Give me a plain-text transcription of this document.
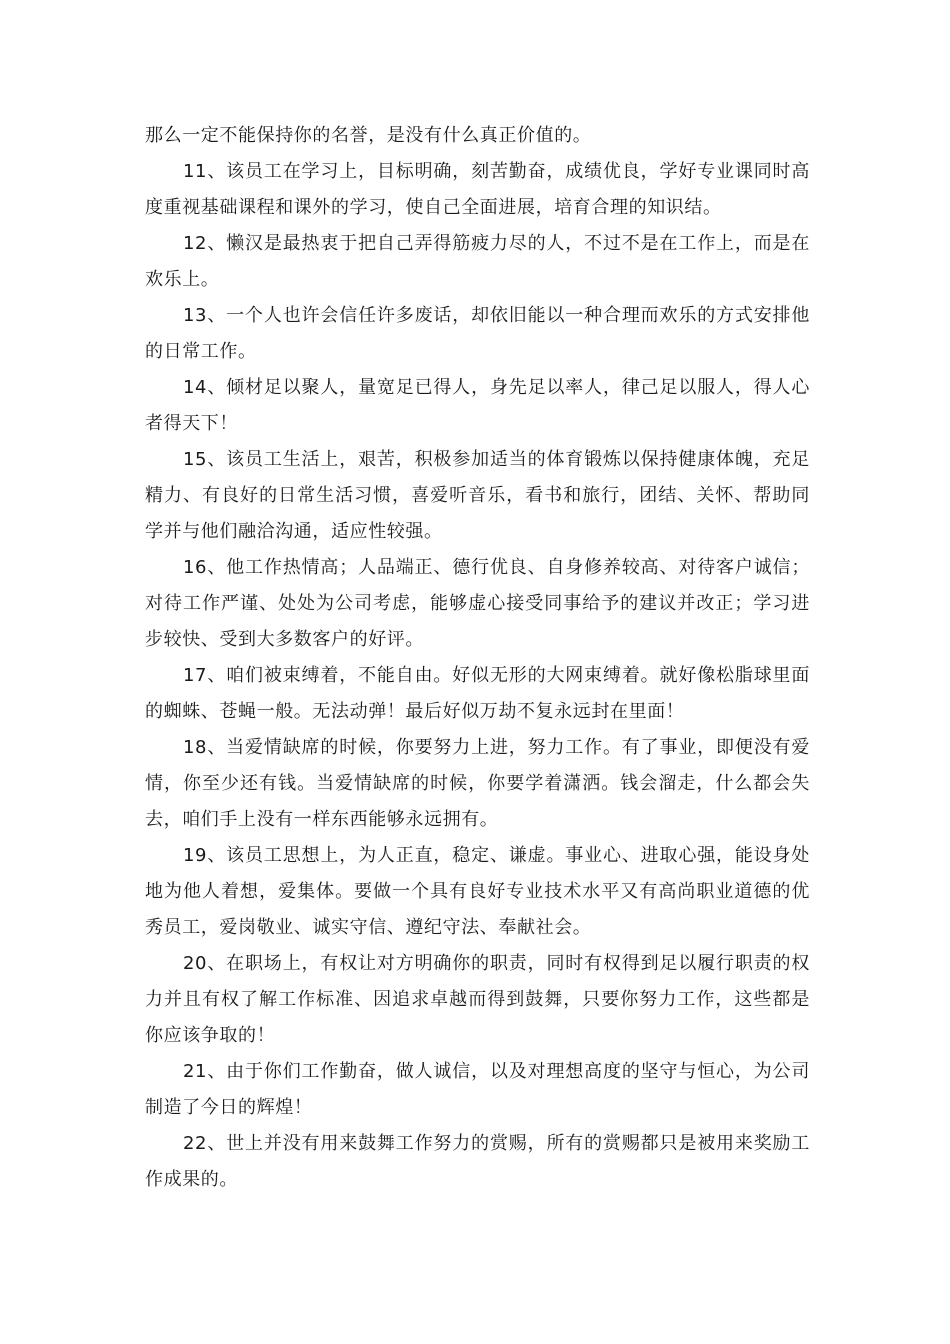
那么一定不能保持你的名誉，是没有什么真正价值的。

11、该员工在学习上，目标明确，刻苦勤奋，成绩优良，学好专业课同时高度重视基础课程和课外的学习，使自己全面进展，培育合理的知识结。

12、懒汉是最热衷于把自己弄得筋疲力尽的人，不过不是在工作上，而是在欢乐上。

13、一个人也许会信任许多废话，却依旧能以一种合理而欢乐的方式安排他的日常工作。

14、倾材足以聚人，量宽足已得人，身先足以率人，律己足以服人，得人心者得天下！

15、该员工生活上，艰苦，积极参加适当的体育锻炼以保持健康体魄，充足精力、有良好的日常生活习惯，喜爱听音乐，看书和旅行，团结、关怀、帮助同学并与他们融洽沟通，适应性较强。

16、他工作热情高；人品端正、德行优良、自身修养较高、对待客户诚信；对待工作严谨、处处为公司考虑，能够虚心接受同事给予的建议并改正；学习进步较快、受到大多数客户的好评。

17、咱们被束缚着，不能自由。好似无形的大网束缚着。就好像松脂球里面的蜘蛛、苍蝇一般。无法动弹！最后好似万劫不复永远封在里面！

18、当爱情缺席的时候，你要努力上进，努力工作。有了事业，即便没有爱情，你至少还有钱。当爱情缺席的时候，你要学着潇洒。钱会溜走，什么都会失去，咱们手上没有一样东西能够永远拥有。

19、该员工思想上，为人正直，稳定、谦虚。事业心、进取心强，能设身处地为他人着想，爱集体。要做一个具有良好专业技术水平又有高尚职业道德的优秀员工，爱岗敬业、诚实守信、遵纪守法、奉献社会。

20、在职场上，有权让对方明确你的职责，同时有权得到足以履行职责的权力并且有权了解工作标准、因追求卓越而得到鼓舞，只要你努力工作，这些都是你应该争取的！

21、由于你们工作勤奋，做人诚信，以及对理想高度的坚守与恒心，为公司制造了今日的辉煌！

22、世上并没有用来鼓舞工作努力的赏赐，所有的赏赐都只是被用来奖励工作成果的。
